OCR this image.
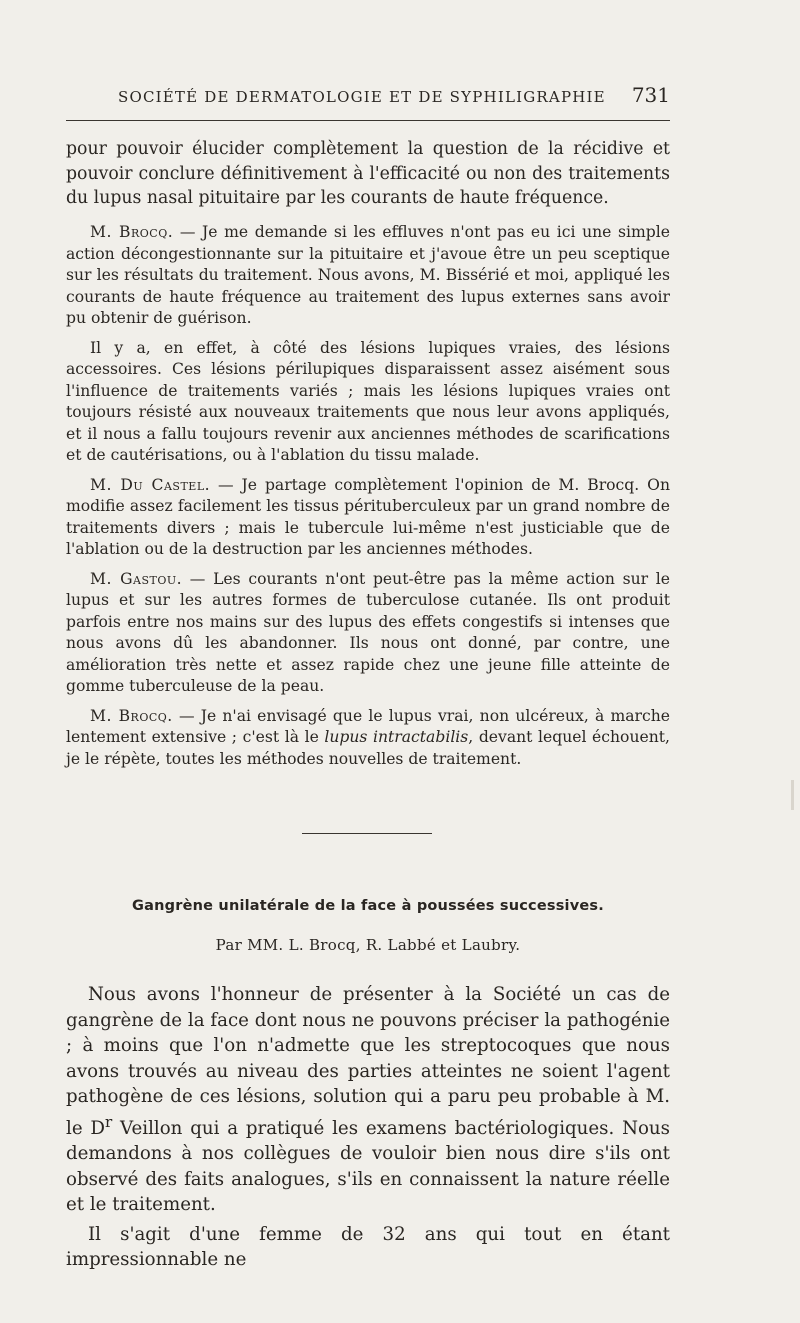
SOCIÉTÉ DE DERMATOLOGIE ET DE SYPHILIGRAPHIE 731
pour pouvoir élucider complètement la question de la récidive et pouvoir conclure définitivement à l'efficacité ou non des traitements du lupus nasal pituitaire par les courants de haute fréquence.

M. Brocq. — Je me demande si les effluves n'ont pas eu ici une simple action décongestionnante sur la pituitaire et j'avoue être un peu sceptique sur les résultats du traitement. Nous avons, M. Bissérié et moi, appliqué les courants de haute fréquence au traitement des lupus externes sans avoir pu obtenir de guérison.

Il y a, en effet, à côté des lésions lupiques vraies, des lésions accessoires. Ces lésions périlupiques disparaissent assez aisément sous l'influence de traitements variés ; mais les lésions lupiques vraies ont toujours résisté aux nouveaux traitements que nous leur avons appliqués, et il nous a fallu toujours revenir aux anciennes méthodes de scarifications et de cautérisations, ou à l'ablation du tissu malade.

M. Du Castel. — Je partage complètement l'opinion de M. Brocq. On modifie assez facilement les tissus pérituberculeux par un grand nombre de traitements divers ; mais le tubercule lui-même n'est justiciable que de l'ablation ou de la destruction par les anciennes méthodes.

M. Gastou. — Les courants n'ont peut-être pas la même action sur le lupus et sur les autres formes de tuberculose cutanée. Ils ont produit parfois entre nos mains sur des lupus des effets congestifs si intenses que nous avons dû les abandonner. Ils nous ont donné, par contre, une amélioration très nette et assez rapide chez une jeune fille atteinte de gomme tuberculeuse de la peau.

M. Brocq. — Je n'ai envisagé que le lupus vrai, non ulcéreux, à marche lentement extensive ; c'est là le lupus intractabilis, devant lequel échouent, je le répète, toutes les méthodes nouvelles de traitement.

Gangrène unilatérale de la face à poussées successives.
Par MM. L. Brocq, R. Labbé et Laubry.

Nous avons l'honneur de présenter à la Société un cas de gangrène de la face dont nous ne pouvons préciser la pathogénie ; à moins que l'on n'admette que les streptocoques que nous avons trouvés au niveau des parties atteintes ne soient l'agent pathogène de ces lésions, solution qui a paru peu probable à M. le $D^r$ Veillon qui a pratiqué les examens bactériologiques. Nous demandons à nos collègues de vouloir bien nous dire s'ils ont observé des faits analogues, s'ils en connaissent la nature réelle et le traitement.

Il s'agit d'une femme de 32 ans qui tout en étant impressionnable ne
